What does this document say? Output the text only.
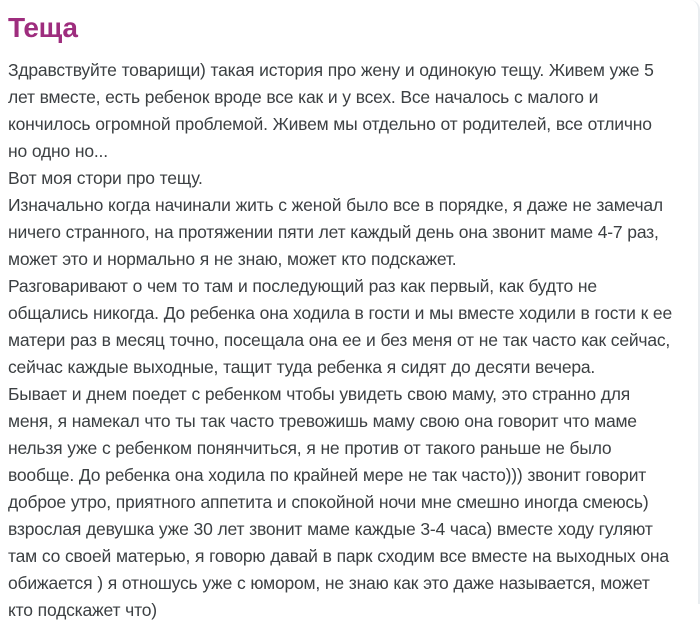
Теща

Здравствуйте товарищи) такая история про жену и одинокую тещу. Живем уже 5 лет вместе, есть ребенок вроде все как и у всех. Все началось с малого и кончилось огромной проблемой. Живем мы отдельно от родителей, все отлично но одно но...

Вот моя стори про тещу.

Изначально когда начинали жить с женой было все в порядке, я даже не замечал ничего странного, на протяжении пяти лет каждый день она звонит маме 4-7 раз, может это и нормально я не знаю, может кто подскажет.

Разговаривают о чем то там и последующий раз как первый, как будто не общались никогда. До ребенка она ходила в гости и мы вместе ходили в гости к ее матери раз в месяц точно, посещала она ее и без меня от не так часто как сейчас, сейчас каждые выходные, тащит туда ребенка я сидят до десяти вечера.

Бывает и днем поедет с ребенком чтобы увидеть свою маму, это странно для меня, я намекал что ты так часто тревожишь маму свою она говорит что маме нельзя уже с ребенком понянчиться, я не против от такого раньше не было вообще. До ребенка она ходила по крайней мере не так часто))) звонит говорит доброе утро, приятного аппетита и спокойной ночи мне смешно иногда смеюсь) взрослая девушка уже 30 лет звонит маме каждые 3-4 часа) вместе ходу гуляют там со своей матерью, я говорю давай в парк сходим все вместе на выходных она обижается ) я отношусь уже с юмором, не знаю как это даже называется, может кто подскажет что)
